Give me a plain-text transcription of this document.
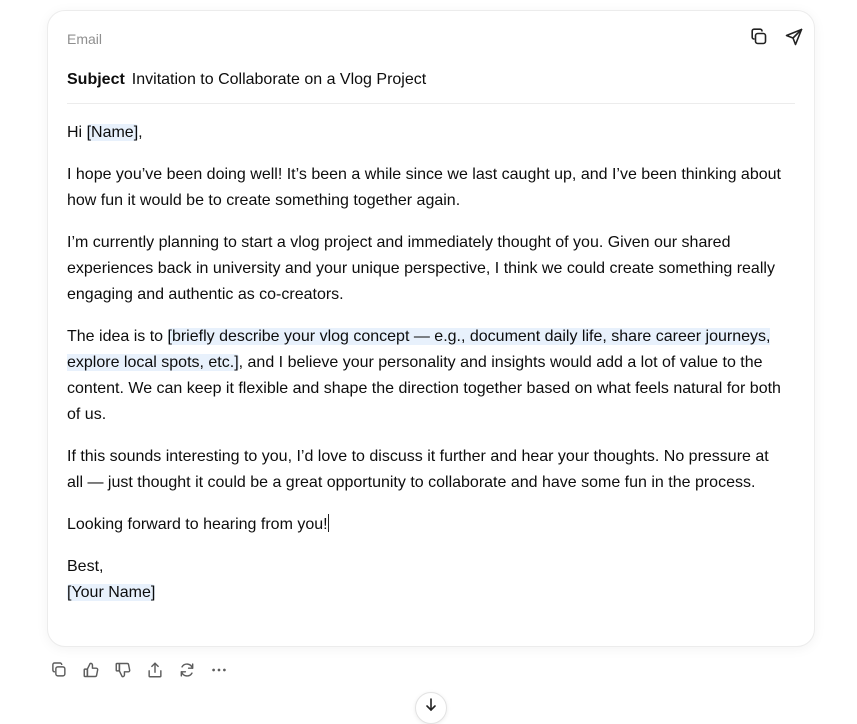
Email
Subject Invitation to Collaborate on a Vlog Project

Hi [Name],

I hope you’ve been doing well! It’s been a while since we last caught up, and I’ve been thinking about how fun it would be to create something together again.

I’m currently planning to start a vlog project and immediately thought of you. Given our shared experiences back in university and your unique perspective, I think we could create something really engaging and authentic as co-creators.

The idea is to [briefly describe your vlog concept — e.g., document daily life, share career journeys, explore local spots, etc.], and I believe your personality and insights would add a lot of value to the content. We can keep it flexible and shape the direction together based on what feels natural for both of us.

If this sounds interesting to you, I’d love to discuss it further and hear your thoughts. No pressure at all — just thought it could be a great opportunity to collaborate and have some fun in the process.

Looking forward to hearing from you!

Best,
[Your Name]
